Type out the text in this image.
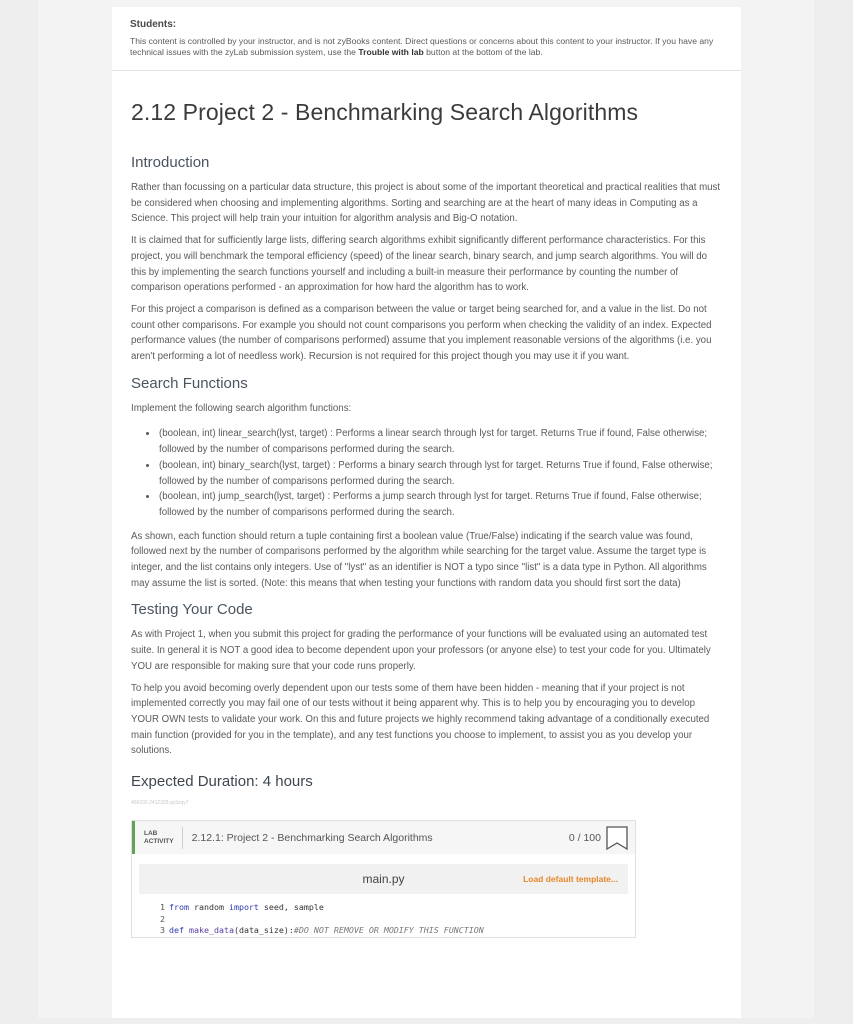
Students:
This content is controlled by your instructor, and is not zyBooks content. Direct questions or concerns about this content to your instructor. If you have any technical issues with the zyLab submission system, use the Trouble with lab button at the bottom of the lab.
2.12 Project 2 - Benchmarking Search Algorithms
Introduction

Rather than focussing on a particular data structure, this project is about some of the important theoretical and practical realities that must be considered when choosing and implementing algorithms. Sorting and searching are at the heart of many ideas in Computing as a Science. This project will help train your intuition for algorithm analysis and Big-O notation.

It is claimed that for sufficiently large lists, differing search algorithms exhibit significantly different performance characteristics. For this project, you will benchmark the temporal efficiency (speed) of the linear search, binary search, and jump search algorithms. You will do this by implementing the search functions yourself and including a built-in measure their performance by counting the number of comparison operations performed - an approximation for how hard the algorithm has to work.

For this project a comparison is defined as a comparison between the value or target being searched for, and a value in the list. Do not count other comparisons. For example you should not count comparisons you perform when checking the validity of an index. Expected performance values (the number of comparisons performed) assume that you implement reasonable versions of the algorithms (i.e. you aren't performing a lot of needless work). Recursion is not required for this project though you may use it if you want.

Search Functions

Implement the following search algorithm functions:

• (boolean, int) linear_search(lyst, target) : Performs a linear search through lyst for target. Returns True if found, False otherwise; followed by the number of comparisons performed during the search.
• (boolean, int) binary_search(lyst, target) : Performs a binary search through lyst for target. Returns True if found, False otherwise; followed by the number of comparisons performed during the search.
• (boolean, int) jump_search(lyst, target) : Performs a jump search through lyst for target. Returns True if found, False otherwise; followed by the number of comparisons performed during the search.

As shown, each function should return a tuple containing first a boolean value (True/False) indicating if the search value was found, followed next by the number of comparisons performed by the algorithm while searching for the target value. Assume the target type is integer, and the list contains only integers. Use of "lyst" as an identifier is NOT a typo since "list" is a data type in Python. All algorithms may assume the list is sorted. (Note: this means that when testing your functions with random data you should first sort the data)

Testing Your Code

As with Project 1, when you submit this project for grading the performance of your functions will be evaluated using an automated test suite. In general it is NOT a good idea to become dependent upon your professors (or anyone else) to test your code for you. Ultimately YOU are responsible for making sure that your code runs properly.

To help you avoid becoming overly dependent upon our tests some of them have been hidden - meaning that if your project is not implemented correctly you may fail one of our tests without it being apparent why. This is to help you by encouraging you to develop YOUR OWN tests to validate your work. On this and future projects we highly recommend taking advantage of a conditionally executed main function (provided for you in the template), and any test functions you choose to implement, to assist you as you develop your solutions.

Expected Duration: 4 hours
456030.2412328.qx3zqy7
LAB
ACTIVITY 2.12.1: Project 2 - Benchmarking Search Algorithms	0 / 100
main.py	Load default template...
1 from random import seed, sample
2
3 def make_data (data_size): #DO NOT REMOVE OR MODIFY THIS FUNCTION
